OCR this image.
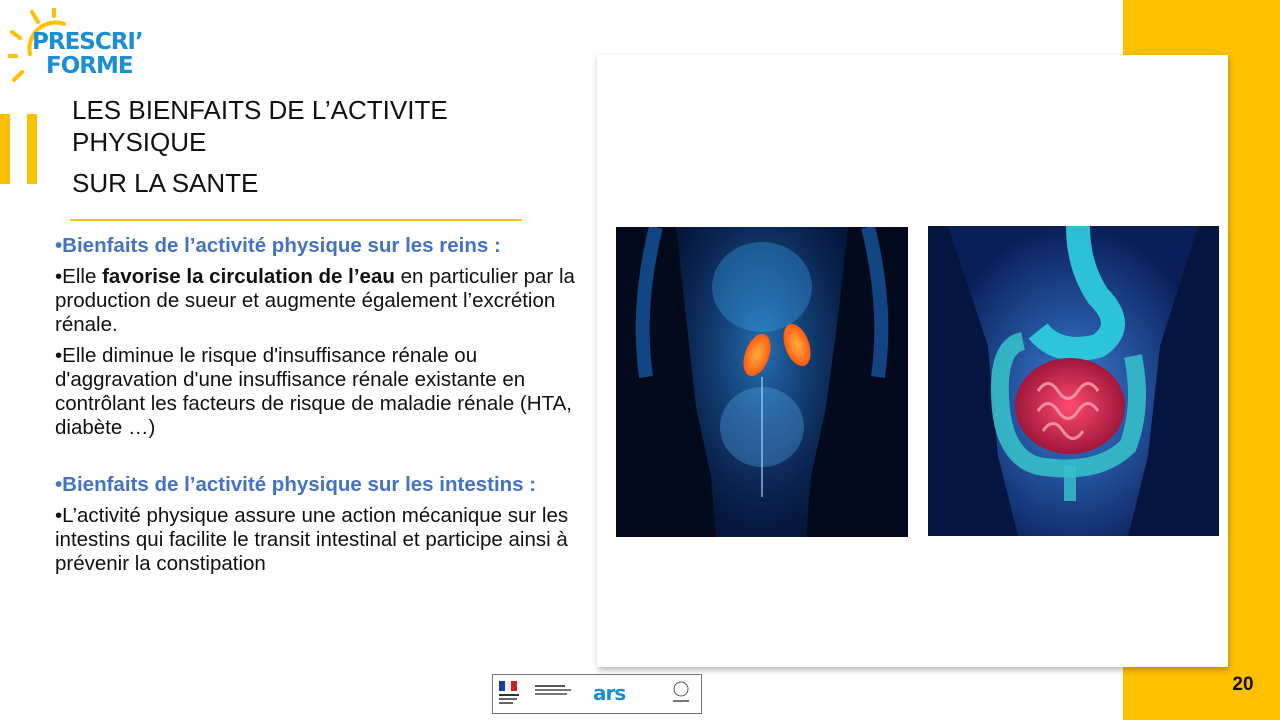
PRESCRI’
FORME
LES BIENFAITS DE L’ACTIVITE
PHYSIQUE
SUR LA SANTE

•Bienfaits de l’activité physique sur les reins :

•Elle favorise la circulation de l’eau en particulier par la production de sueur et augmente également l’excrétion rénale.

•Elle diminue le risque d'insuffisance rénale ou d'aggravation d'une insuffisance rénale existante en contrôlant les facteurs de risque de maladie rénale (HTA, diabète …)

•Bienfaits de l’activité physique sur les intestins :

•L’activité physique assure une action mécanique sur les intestins qui facilite le transit intestinal et participe ainsi à prévenir la constipation

ars	20
